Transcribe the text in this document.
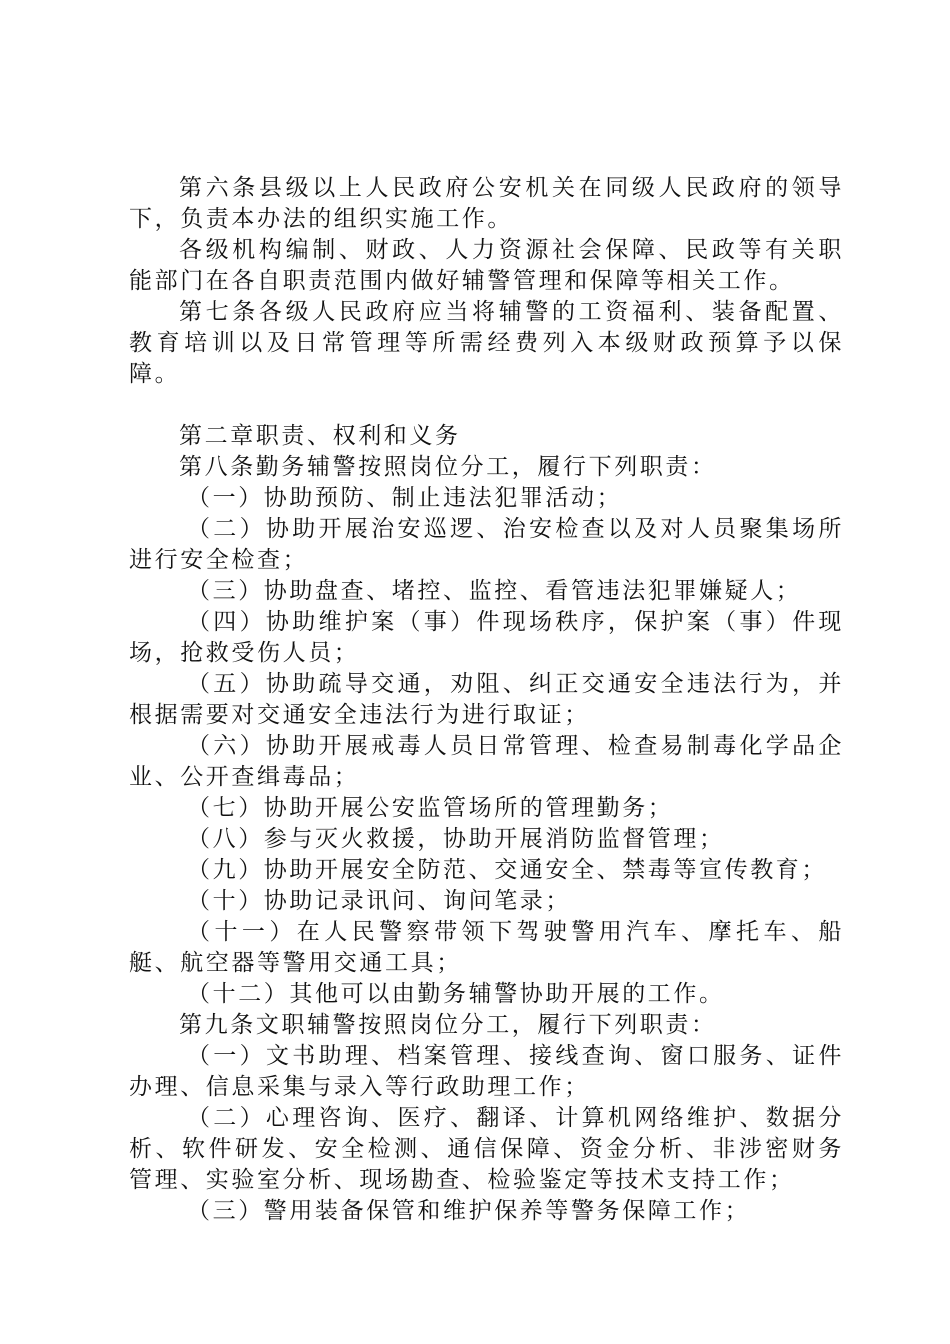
第六条县级以上人民政府公安机关在同级人民政府的领导下，负责本办法的组织实施工作。

各级机构编制、财政、人力资源社会保障、民政等有关职能部门在各自职责范围内做好辅警管理和保障等相关工作。

第七条各级人民政府应当将辅警的工资福利、装备配置、教育培训以及日常管理等所需经费列入本级财政预算予以保障。

第二章职责、权利和义务

第八条勤务辅警按照岗位分工，履行下列职责：

（一）协助预防、制止违法犯罪活动；

（二）协助开展治安巡逻、治安检查以及对人员聚集场所进行安全检查；

（三）协助盘查、堵控、监控、看管违法犯罪嫌疑人；

（四）协助维护案（事）件现场秩序，保护案（事）件现场，抢救受伤人员；

（五）协助疏导交通，劝阻、纠正交通安全违法行为，并根据需要对交通安全违法行为进行取证；

（六）协助开展戒毒人员日常管理、检查易制毒化学品企业、公开查缉毒品；

（七）协助开展公安监管场所的管理勤务；

（八）参与灭火救援，协助开展消防监督管理；

（九）协助开展安全防范、交通安全、禁毒等宣传教育；

（十）协助记录讯问、询问笔录；

（十一）在人民警察带领下驾驶警用汽车、摩托车、船艇、航空器等警用交通工具；

（十二）其他可以由勤务辅警协助开展的工作。

第九条文职辅警按照岗位分工，履行下列职责：

（一）文书助理、档案管理、接线查询、窗口服务、证件办理、信息采集与录入等行政助理工作；

（二）心理咨询、医疗、翻译、计算机网络维护、数据分析、软件研发、安全检测、通信保障、资金分析、非涉密财务管理、实验室分析、现场勘查、检验鉴定等技术支持工作；

（三）警用装备保管和维护保养等警务保障工作；
